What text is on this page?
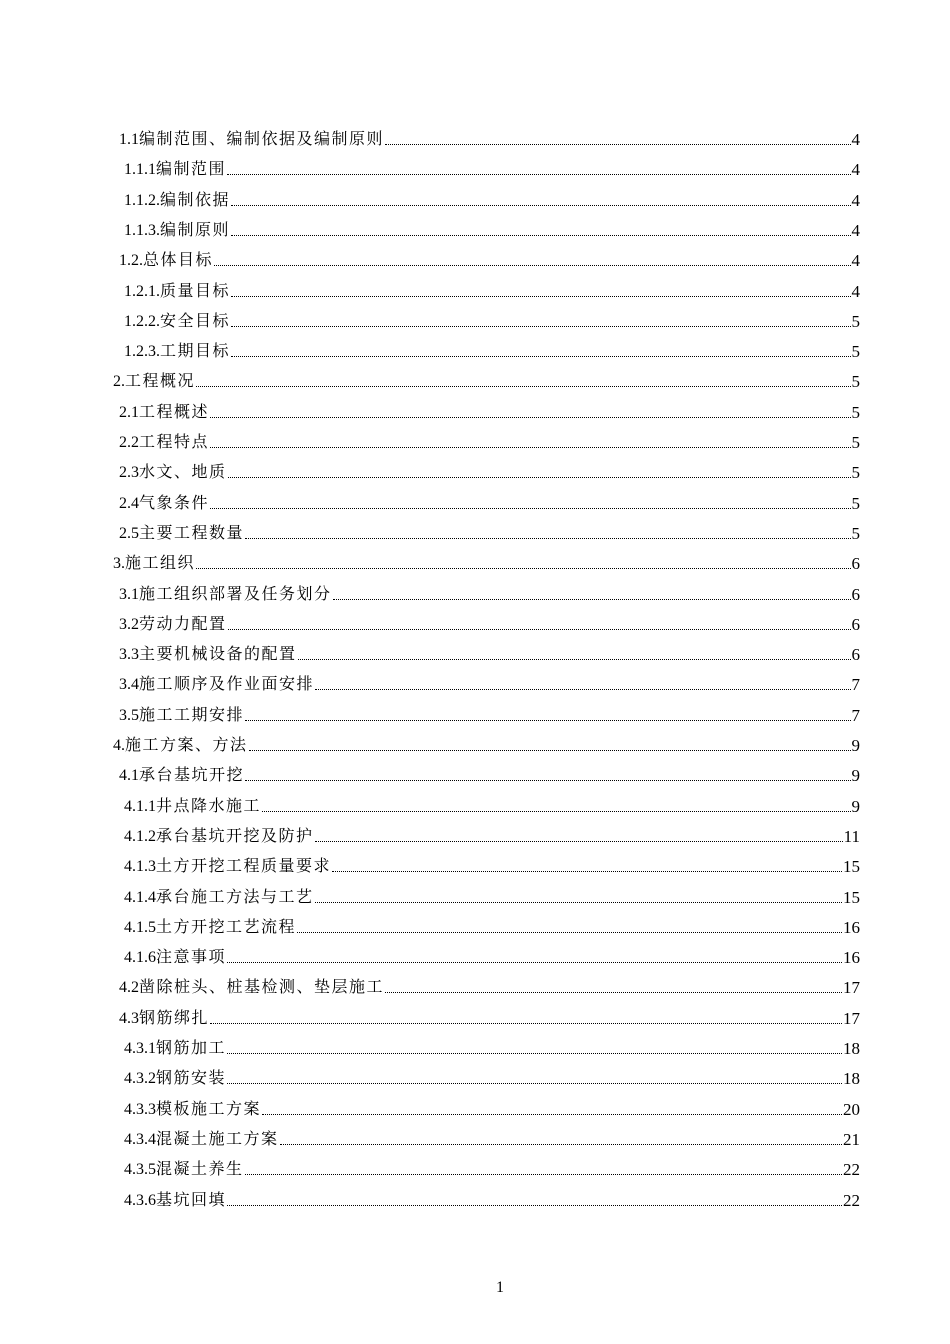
1.1编制范围、编制依据及编制原则	4
1.1.1编制范围	4
1.1.2.编制依据	4
1.1.3.编制原则	4
1.2.总体目标	4
1.2.1.质量目标	4
1.2.2.安全目标	5
1.2.3.工期目标	5
2.工程概况	5
2.1工程概述	5
2.2工程特点	5
2.3水文、地质	5
2.4气象条件	5
2.5主要工程数量	5
3.施工组织	6
3.1施工组织部署及任务划分	6
3.2劳动力配置	6
3.3主要机械设备的配置	6
3.4施工顺序及作业面安排	7
3.5施工工期安排	7
4.施工方案、方法	9
4.1承台基坑开挖	9
4.1.1井点降水施工	9
4.1.2承台基坑开挖及防护	11
4.1.3土方开挖工程质量要求	15
4.1.4承台施工方法与工艺	15
4.1.5土方开挖工艺流程	16
4.1.6注意事项	16
4.2凿除桩头、桩基检测、垫层施工	17
4.3钢筋绑扎	17
4.3.1钢筋加工	18
4.3.2钢筋安装	18
4.3.3模板施工方案	20
4.3.4混凝土施工方案	21
4.3.5混凝土养生	22
4.3.6基坑回填	22
1
